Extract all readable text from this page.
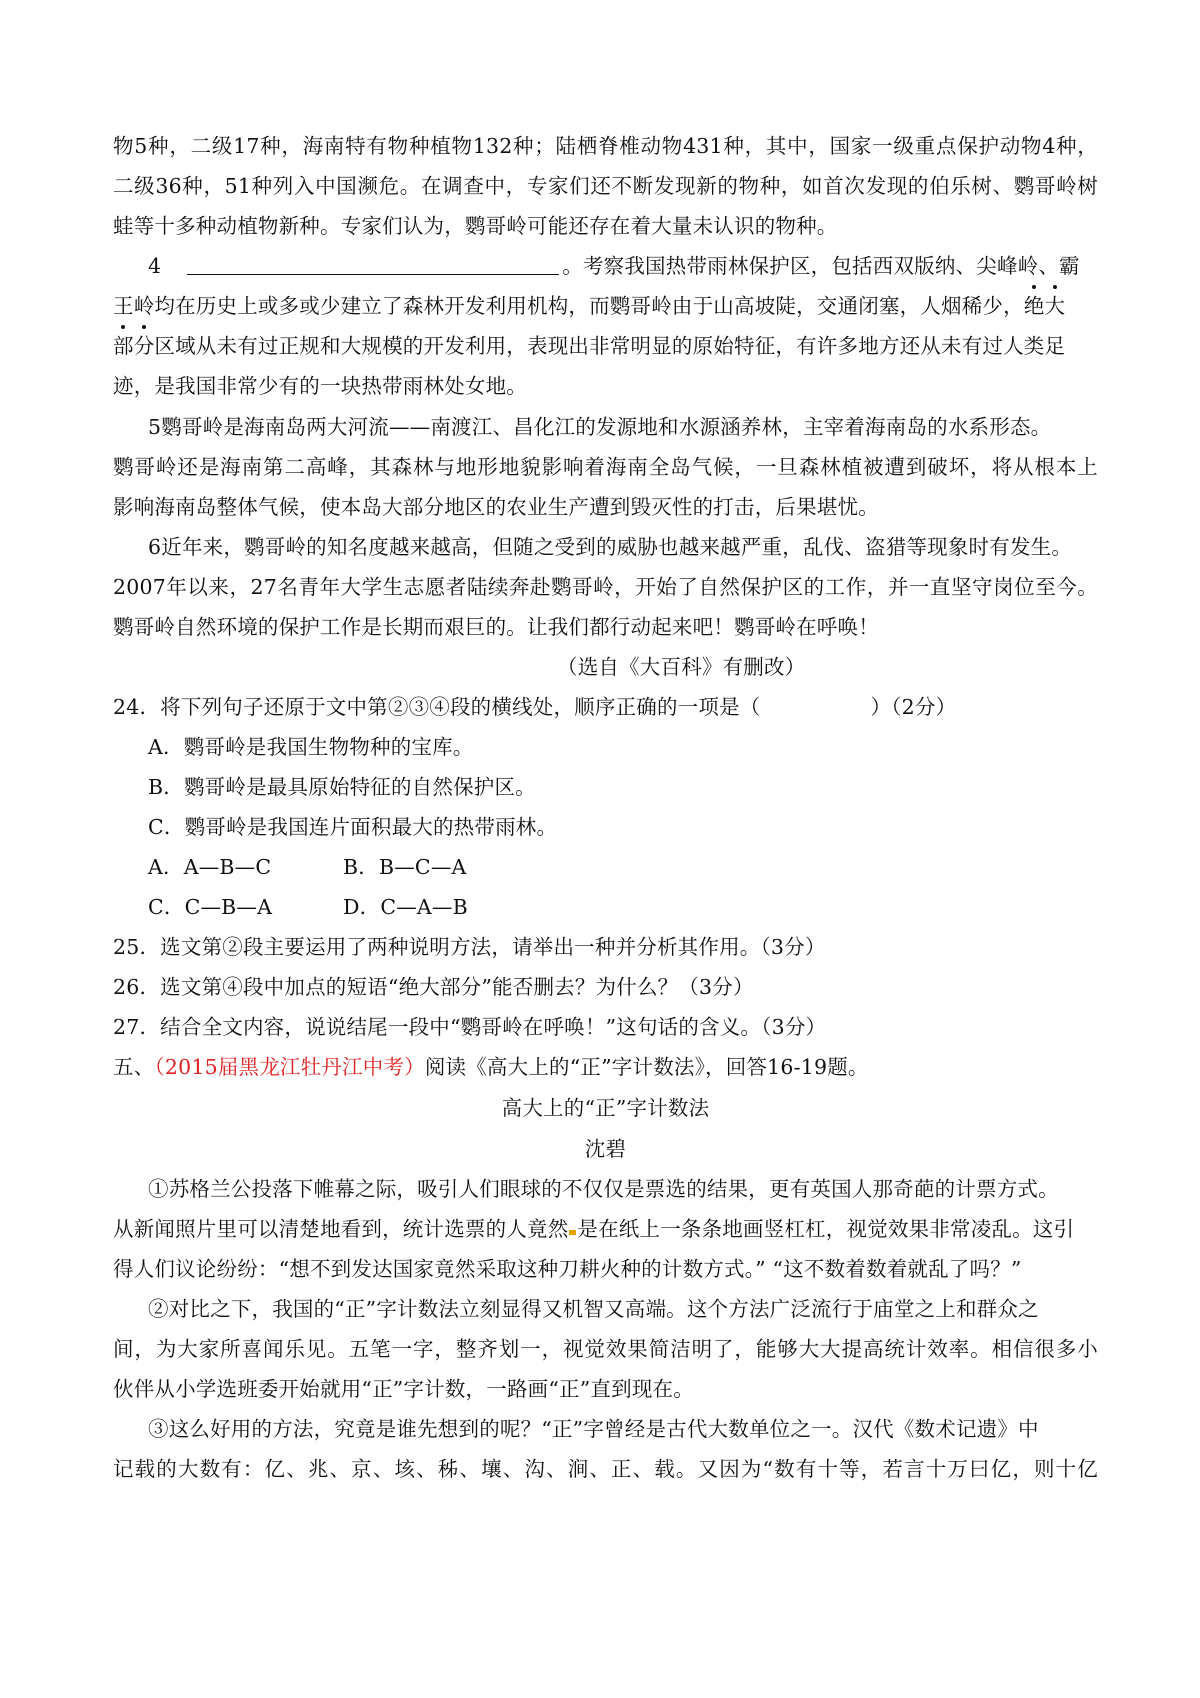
物5种，二级17种，海南特有物种植物132种；陆栖脊椎动物431种，其中，国家一级重点保护动物4种，
二级36种，51种列入中国濒危。在调查中，专家们还不断发现新的物种，如首次发现的伯乐树、鹦哥岭树
蛙等十多种动植物新种。专家们认为，鹦哥岭可能还存在着大量未认识的物种。
4	。考察我国热带雨林保护区，包括西双版纳、尖峰岭、霸
王岭均在历史上或多或少建立了森林开发利用机构，而鹦哥岭由于山高坡陡，交通闭塞，人烟稀少，绝大
部分区域从未有过正规和大规模的开发利用，表现出非常明显的原始特征，有许多地方还从未有过人类足
迹，是我国非常少有的一块热带雨林处女地。
5鹦哥岭是海南岛两大河流——南渡江、昌化江的发源地和水源涵养林，主宰着海南岛的水系形态。
鹦哥岭还是海南第二高峰，其森林与地形地貌影响着海南全岛气候，一旦森林植被遭到破坏，将从根本上
影响海南岛整体气候，使本岛大部分地区的农业生产遭到毁灭性的打击，后果堪忧。
6近年来，鹦哥岭的知名度越来越高，但随之受到的威胁也越来越严重，乱伐、盗猎等现象时有发生。
2007年以来，27名青年大学生志愿者陆续奔赴鹦哥岭，开始了自然保护区的工作，并一直坚守岗位至今。
鹦哥岭自然环境的保护工作是长期而艰巨的。让我们都行动起来吧！鹦哥岭在呼唤！
（选自《大百科》有删改）
24．将下列句子还原于文中第②③④段的横线处，顺序正确的一项是（	）（2分）
A．鹦哥岭是我国生物物种的宝库。
B．鹦哥岭是最具原始特征的自然保护区。
C．鹦哥岭是我国连片面积最大的热带雨林。
A．A—B—C	B．B—C—A
C．C—B—A	D．C—A—B
25．选文第②段主要运用了两种说明方法，请举出一种并分析其作用。（3分）
26．选文第④段中加点的短语“绝大部分”能否删去？为什么？（3分）
27．结合全文内容，说说结尾一段中“鹦哥岭在呼唤！”这句话的含义。（3分）
五、（2015届黑龙江牡丹江中考）阅读《高大上的“正”字计数法》，回答16-19题。
高大上的“正”字计数法
沈碧
①苏格兰公投落下帷幕之际，吸引人们眼球的不仅仅是票选的结果，更有英国人那奇葩的计票方式。
从新闻照片里可以清楚地看到，统计选票的人竟然 是在纸上一条条地画竖杠杠，视觉效果非常凌乱。这引
得人们议论纷纷：“想不到发达国家竟然采取这种刀耕火种的计数方式。” “这不数着数着就乱了吗？”
②对比之下，我国的“正”字计数法立刻显得又机智又高端。这个方法广泛流行于庙堂之上和群众之
间，为大家所喜闻乐见。五笔一字，整齐划一，视觉效果简洁明了，能够大大提高统计效率。相信很多小
伙伴从小学选班委开始就用“正”字计数，一路画“正”直到现在。
③这么好用的方法，究竟是谁先想到的呢？“正”字曾经是古代大数单位之一。汉代《数术记遗》中
记载的大数有：亿、兆、京、垓、秭、壤、沟、涧、正、载。又因为“数有十等，若言十万曰亿，则十亿
